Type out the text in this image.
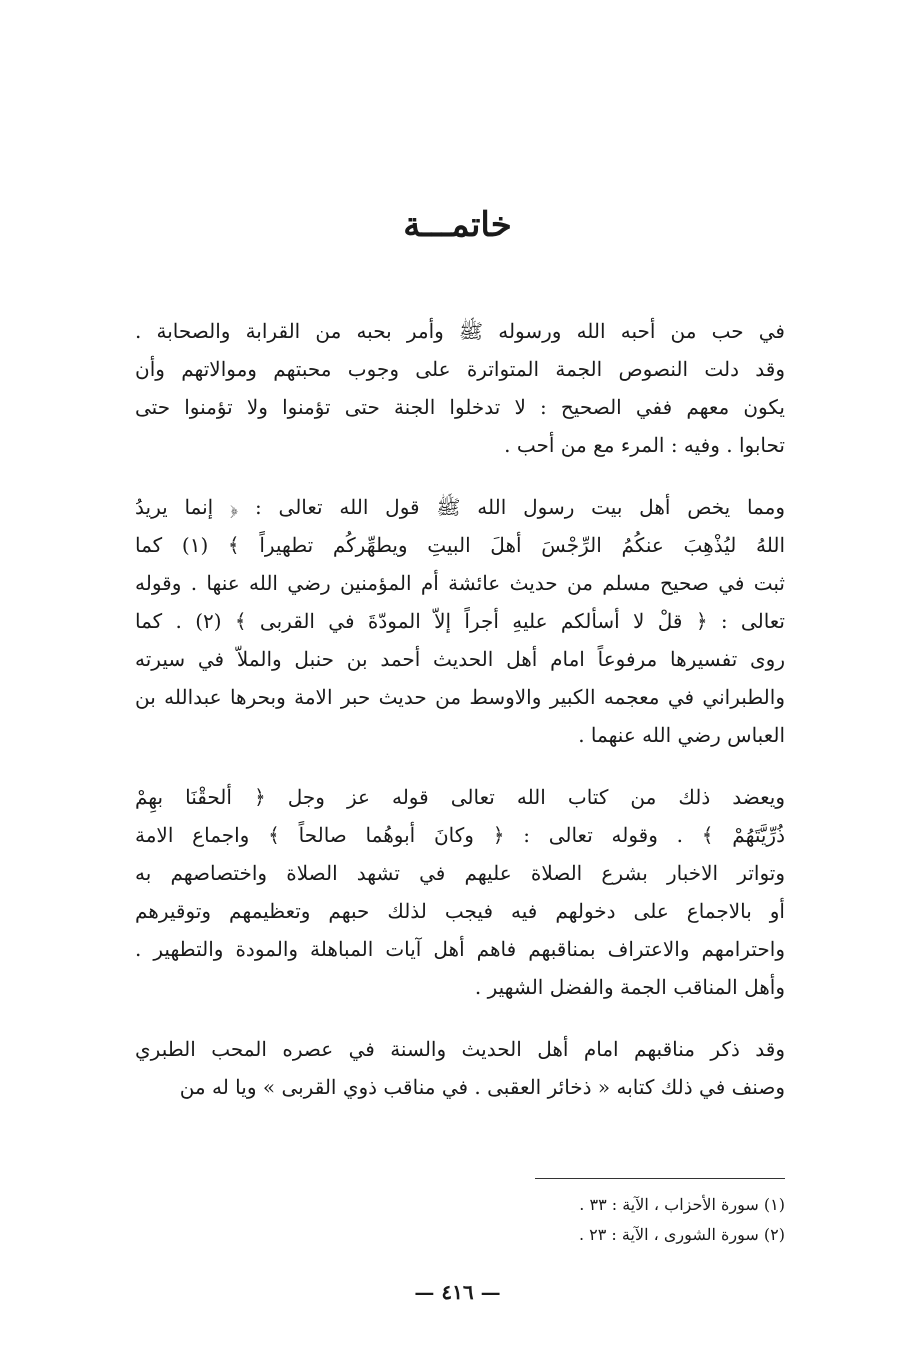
خاتمـــة

في حب من أحبه الله ورسوله ﷺ وأمر بحبه من القرابة والصحابة .
وقد دلت النصوص الجمة المتواترة على وجوب محبتهم وموالاتهم وأن
يكون معهم ففي الصحيح : لا تدخلوا الجنة حتى تؤمنوا ولا تؤمنوا حتى
تحابوا . وفيه : المرء مع من أحب .

ومما يخص أهل بيت رسول الله ﷺ قول الله تعالى : ﴿ إنما يريدُ
اللهُ ليُذْهِبَ عنكُمُ الرِّجْسَ أهلَ البيتِ ويطهِّركُم تطهيراً ﴾ (١) كما
ثبت في صحيح مسلم من حديث عائشة أم المؤمنين رضي الله عنها . وقوله
تعالى : ﴿ قلْ لا أسألكم عليهِ أجراً إلاّ المودّةَ في القربى ﴾ (٢) . كما
روى تفسيرها مرفوعاً امام أهل الحديث أحمد بن حنبل والملاّ في سيرته
والطبراني في معجمه الكبير والاوسط من حديث حبر الامة وبحرها عبدالله بن
العباس رضي الله عنهما .

ويعضد ذلك من كتاب الله تعالى قوله عز وجل ﴿ ألحقْنَا بهِمْ
ذُرِّيَّتَهُمْ ﴾ . وقوله تعالى : ﴿ وكانَ أبوهُما صالحاً ﴾ واجماع الامة
وتواتر الاخبار بشرع الصلاة عليهم في تشهد الصلاة واختصاصهم به
أو بالاجماع على دخولهم فيه فيجب لذلك حبهم وتعظيمهم وتوقيرهم
واحترامهم والاعتراف بمناقبهم فاهم أهل آيات المباهلة والمودة والتطهير .
وأهل المناقب الجمة والفضل الشهير .

وقد ذكر مناقبهم امام أهل الحديث والسنة في عصره المحب الطبري
وصنف في ذلك كتابه « ذخائر العقبى . في مناقب ذوي القربى » ويا له من

(١) سورة الأحزاب ، الآية : ٣٣ .
(٢) سورة الشورى ، الآية : ٢٣ .
— ٤١٦ —
